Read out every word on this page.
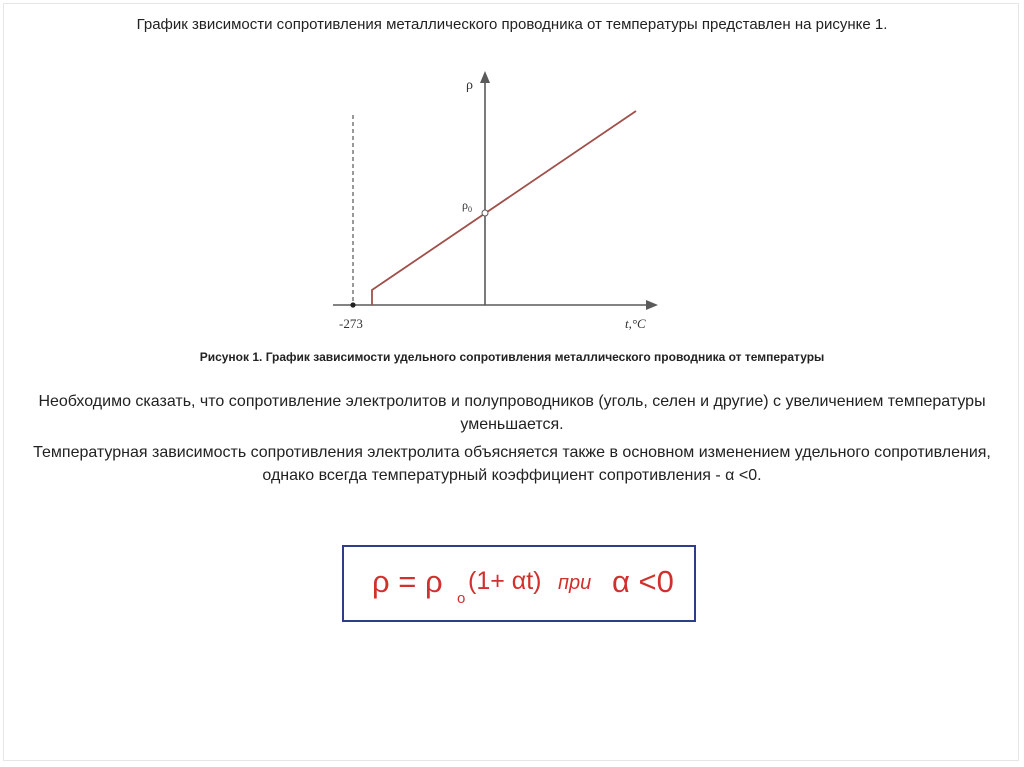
График звисимости сопротивления металлического проводника от температуры представлен на рисунке 1.
ρ
$\rho_0$
t,°C
-273
Рисунок 1. График зависимости удельного сопротивления металлического проводника от температуры
Необходимо сказать, что сопротивление электролитов и полупроводников (уголь, селен и другие) с увеличением температуры уменьшается.
Температурная зависимость сопротивления электролита объясняется также в основном изменением удельного сопротивления, однако всегда температурный коэффициент сопротивления - α <0.
ρ = ρ o
(1+ αt) при α <0
